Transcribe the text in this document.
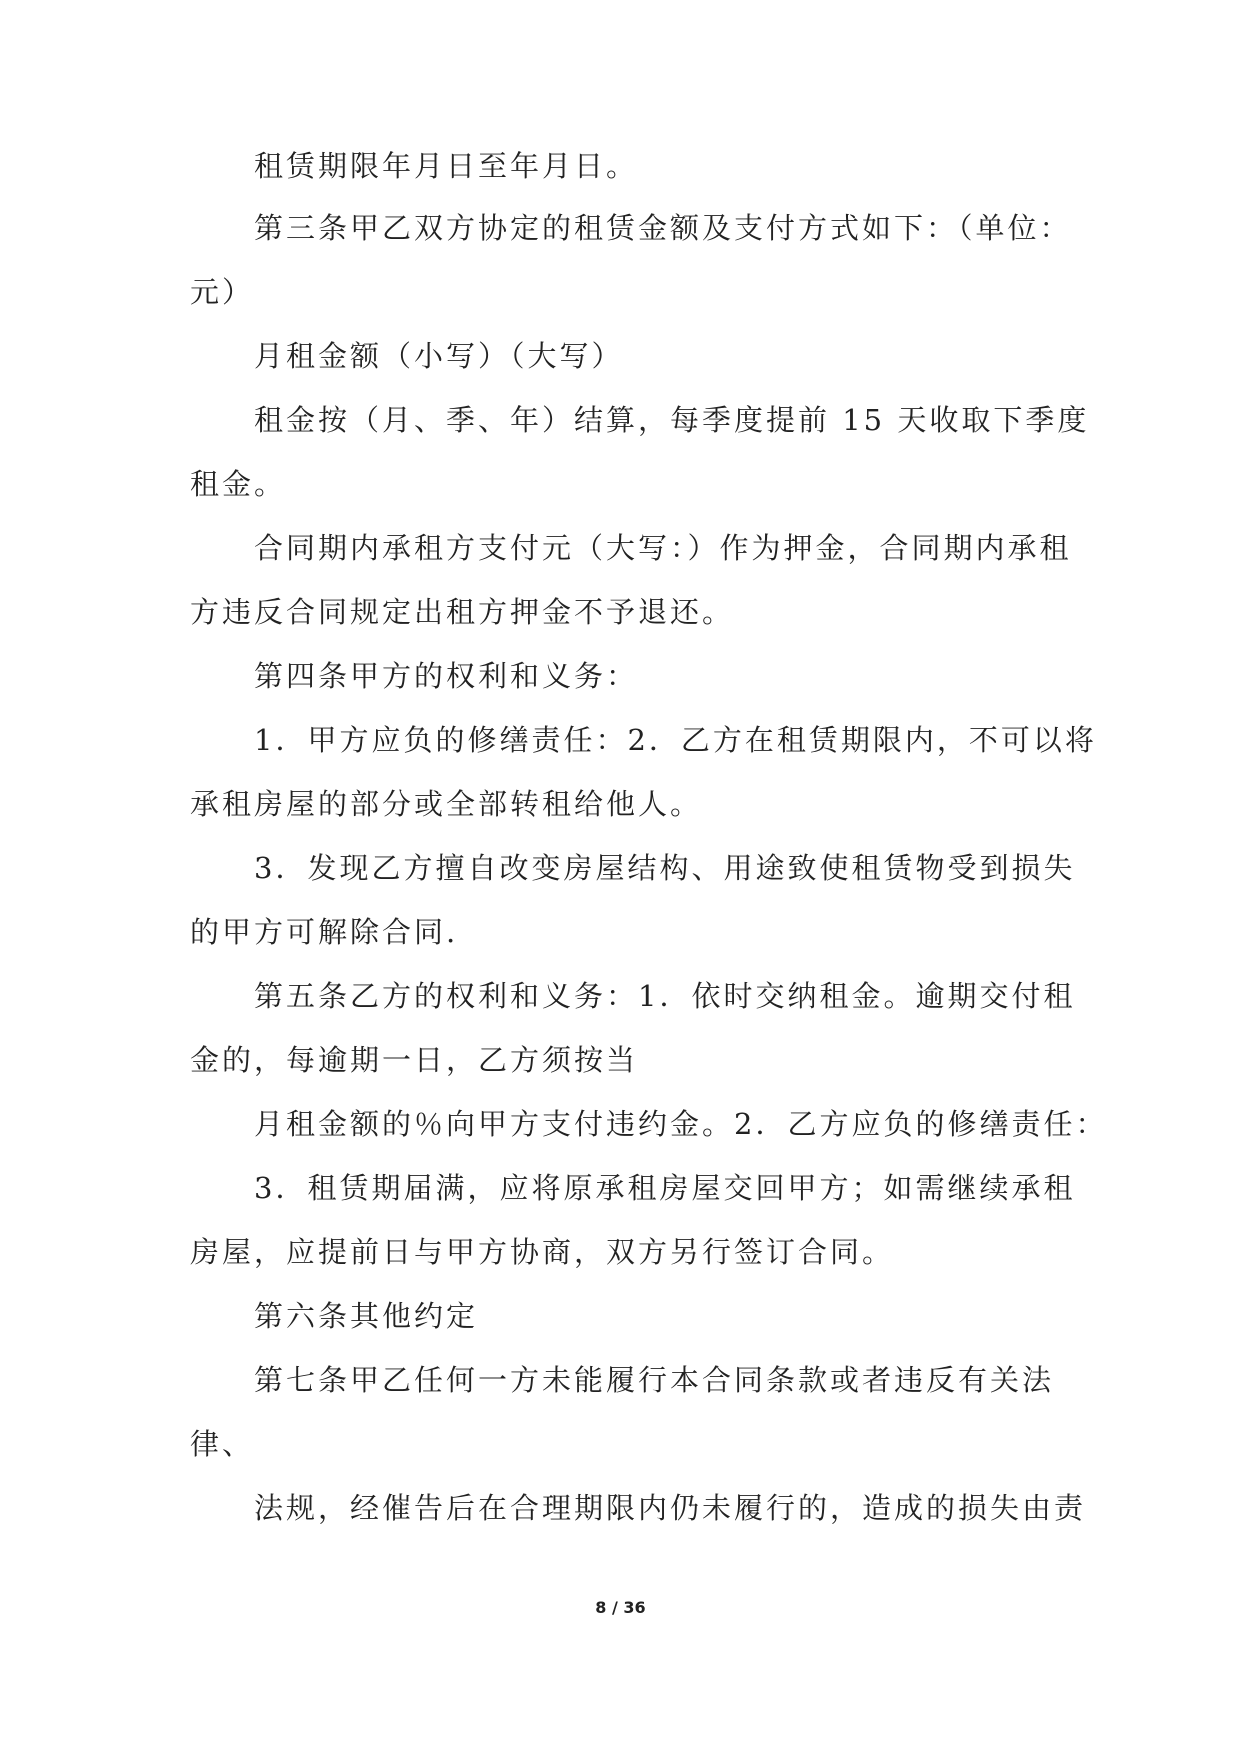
租赁期限年月日至年月日。
第三条甲乙双方协定的租赁金额及支付方式如下：（单位：
元）
月租金额（小写）（大写）
租金按（月、季、年）结算，每季度提前 15 天收取下季度
租金。
合同期内承租方支付元（大写：）作为押金，合同期内承租
方违反合同规定出租方押金不予退还。
第四条甲方的权利和义务：
1．甲方应负的修缮责任：2．乙方在租赁期限内，不可以将
承租房屋的部分或全部转租给他人。
3．发现乙方擅自改变房屋结构、用途致使租赁物受到损失
的甲方可解除合同.
第五条乙方的权利和义务：1．依时交纳租金。逾期交付租
金的，每逾期一日，乙方须按当
月租金额的％向甲方支付违约金。2．乙方应负的修缮责任：
3．租赁期届满，应将原承租房屋交回甲方；如需继续承租
房屋，应提前日与甲方协商，双方另行签订合同。
第六条其他约定
第七条甲乙任何一方未能履行本合同条款或者违反有关法
律、
法规，经催告后在合理期限内仍未履行的，造成的损失由责
8 / 36
